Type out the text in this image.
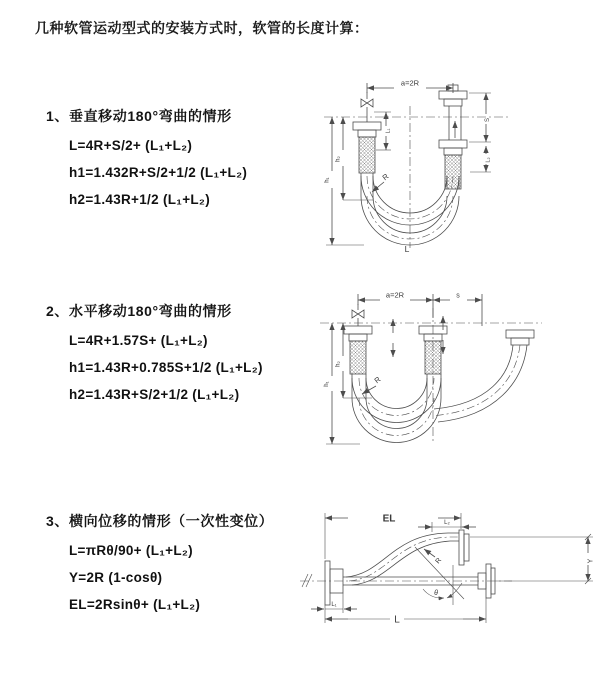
几种软管运动型式的安装方式时，软管的长度计算：
1、垂直移动180°弯曲的情形
L=4R+S/2+ (L₁+L₂)
h1=1.432R+S/2+1/2 (L₁+L₂)
h2=1.43R+1/2 (L₁+L₂)
2、水平移动180°弯曲的情形
L=4R+1.57S+ (L₁+L₂)
h1=1.43R+0.785S+1/2 (L₁+L₂)
h2=1.43R+S/2+1/2 (L₁+L₂)
3、横向位移的情形（一次性变位）
L=πRθ/90+ (L₁+L₂)
Y=2R (1-cosθ)
EL=2Rsinθ+ (L₁+L₂)
a=2R
S
L₂
L₁
h₁
h₂
R
L
a=2R	s
h₁
h₂
R
EL	L₂
Y
R
θ
L₁
L
